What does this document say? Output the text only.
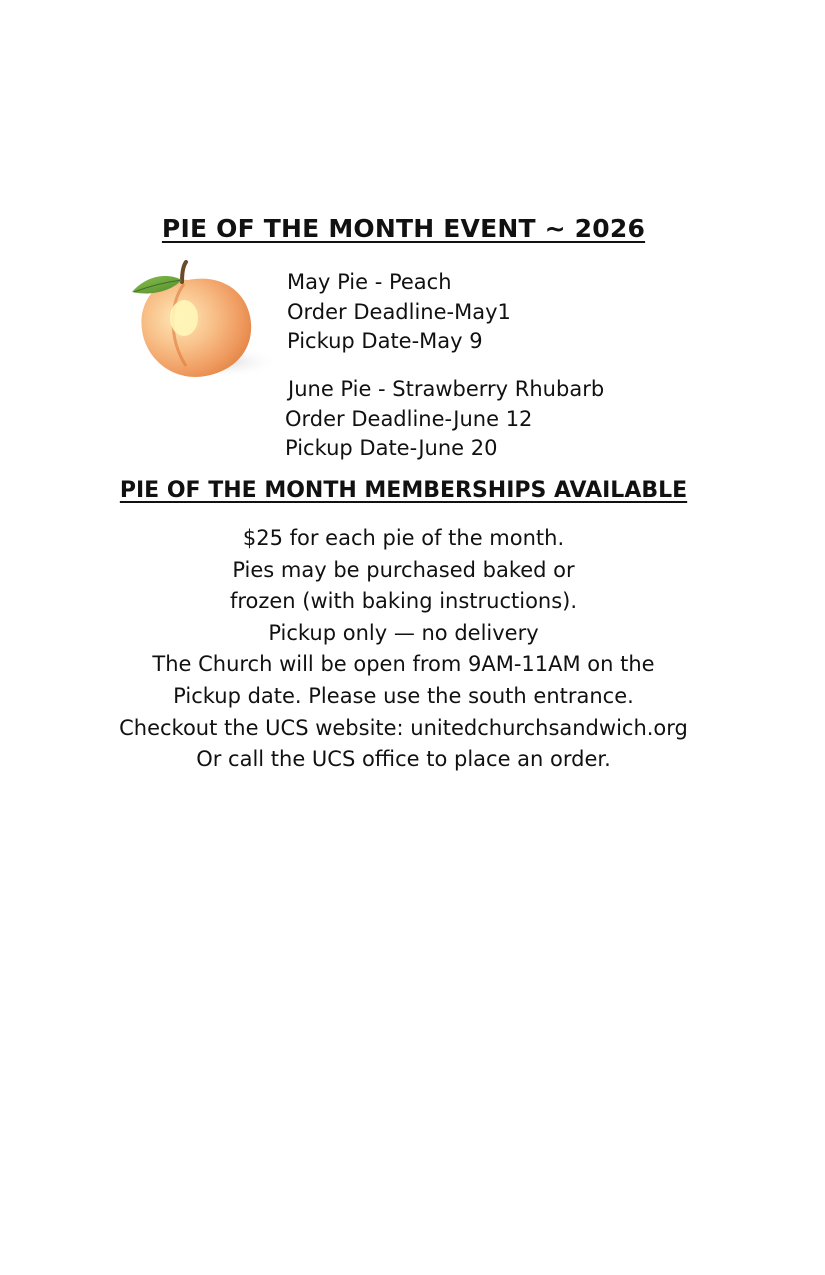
PIE OF THE MONTH EVENT ~ 2026
May Pie - Peach
Order Deadline-May1
Pickup Date-May 9
June Pie - Strawberry Rhubarb
Order Deadline-June 12
Pickup Date-June 20
PIE OF THE MONTH MEMBERSHIPS AVAILABLE
$25 for each pie of the month.
Pies may be purchased baked or
frozen (with baking instructions).
Pickup only — no delivery
The Church will be open from 9AM-11AM on the
Pickup date. Please use the south entrance.
Checkout the UCS website: unitedchurchsandwich.org
Or call the UCS office to place an order.
